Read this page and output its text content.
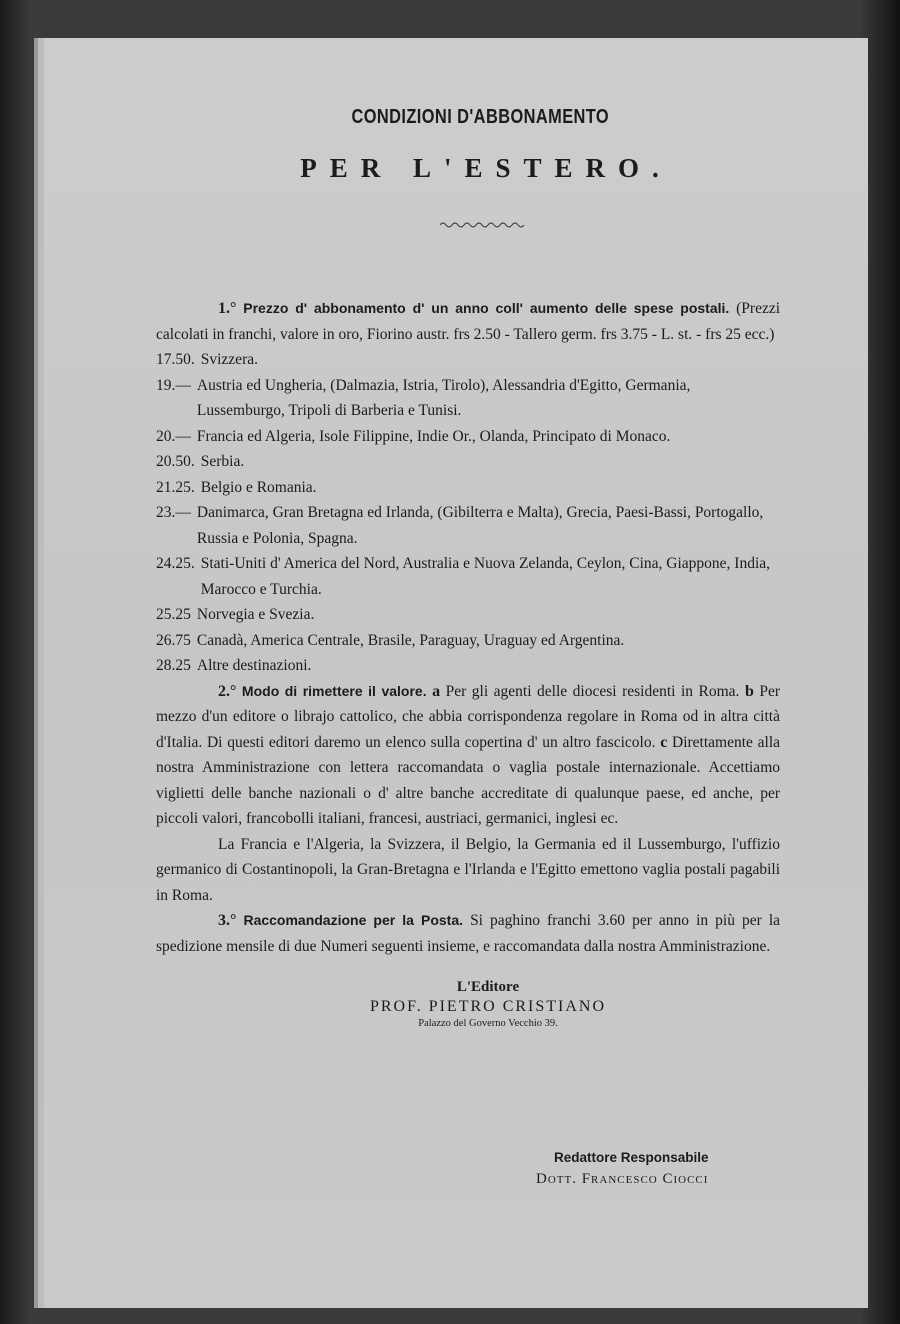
CONDIZIONI D'ABBONAMENTO
PER L'ESTERO.

1.° Prezzo d' abbonamento d' un anno coll' aumento delle spese postali. (Prezzi calcolati in franchi, valore in oro, Fiorino austr. frs 2.50 - Tallero germ. frs 3.75 - L. st. - frs 25 ecc.)

17.50. Svizzera.
19.— Austria ed Ungheria, (Dalmazia, Istria, Tirolo), Alessandria d'Egitto, Germania, Lussemburgo, Tripoli di Barberia e Tunisi.
20.— Francia ed Algeria, Isole Filippine, Indie Or., Olanda, Principato di Monaco.
20.50. Serbia.
21.25. Belgio e Romania.
23.— Danimarca, Gran Bretagna ed Irlanda, (Gibilterra e Malta), Grecia, Paesi-Bassi, Portogallo, Russia e Polonia, Spagna.
24.25. Stati-Uniti d' America del Nord, Australia e Nuova Zelanda, Ceylon, Cina, Giappone, India, Marocco e Turchia.
25.25 Norvegia e Svezia.
26.75 Canadà, America Centrale, Brasile, Paraguay, Uraguay ed Argentina.
28.25 Altre destinazioni.

2.° Modo di rimettere il valore. a Per gli agenti delle diocesi residenti in Roma. b Per mezzo d'un editore o librajo cattolico, che abbia corrispondenza regolare in Roma od in altra città d'Italia. Di questi editori daremo un elenco sulla copertina d' un altro fascicolo. c Direttamente alla nostra Amministrazione con lettera raccomandata o vaglia postale internazionale. Accettiamo viglietti delle banche nazionali o d' altre banche accreditate di qualunque paese, ed anche, per piccoli valori, francobolli italiani, francesi, austriaci, germanici, inglesi ec.

La Francia e l'Algeria, la Svizzera, il Belgio, la Germania ed il Lussemburgo, l'uffizio germanico di Costantinopoli, la Gran-Bretagna e l'Irlanda e l'Egitto emettono vaglia postali pagabili in Roma.

3.° Raccomandazione per la Posta. Si paghino franchi 3.60 per anno in più per la spedizione mensile di due Numeri seguenti insieme, e raccomandata dalla nostra Amministrazione.

L'Editore
PROF. PIETRO CRISTIANO
Palazzo del Governo Vecchio 39.
Redattore Responsabile
Dott. Francesco Ciocci
